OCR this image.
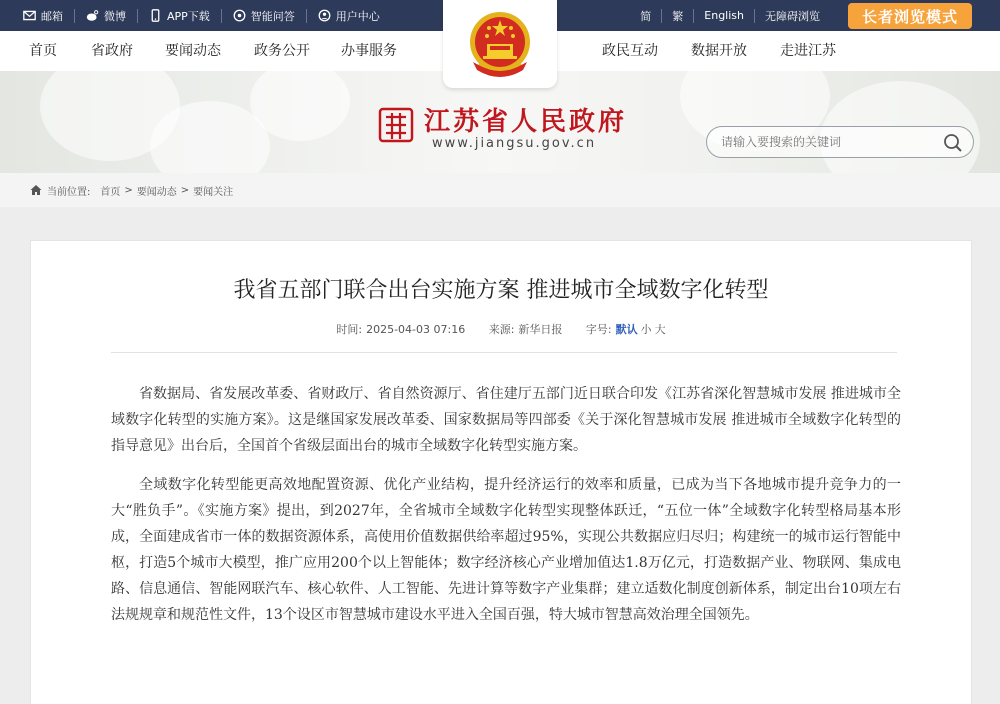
邮箱	微博	APP下载	智能问答	用户中心	简	繁	English	无障碍浏览	长者浏览模式
首页 省政府 要闻动态 政务公开 办事服务	政民互动 数据开放 走进江苏
江苏省人民政府
www.jiangsu.gov.cn
请输入要搜索的关键词
当前位置: 首页 > 要闻动态 > 要闻关注
我省五部门联合出台实施方案 推进城市全域数字化转型
时间: 2025-04-03 07:16 来源: 新华日报 字号: 默认 小 大

省数据局、省发展改革委、省财政厅、省自然资源厅、省住建厅五部门近日联合印发《江苏省深化智慧城市发展 推进城市全域数字化转型的实施方案》。这是继国家发展改革委、国家数据局等四部委《关于深化智慧城市发展 推进城市全域数字化转型的指导意见》出台后，全国首个省级层面出台的城市全域数字化转型实施方案。

全域数字化转型能更高效地配置资源、优化产业结构，提升经济运行的效率和质量，已成为当下各地城市提升竞争力的一大“胜负手”。《实施方案》提出，到2027年，全省城市全域数字化转型实现整体跃迁，“五位一体”全域数字化转型格局基本形成，全面建成省市一体的数据资源体系，高使用价值数据供给率超过95%，实现公共数据应归尽归；构建统一的城市运行智能中枢，打造5个城市大模型，推广应用200个以上智能体；数字经济核心产业增加值达1.8万亿元，打造数据产业、物联网、集成电路、信息通信、智能网联汽车、核心软件、人工智能、先进计算等数字产业集群；建立适数化制度创新体系，制定出台10项左右法规规章和规范性文件，13个设区市智慧城市建设水平进入全国百强，特大城市智慧高效治理全国领先。
